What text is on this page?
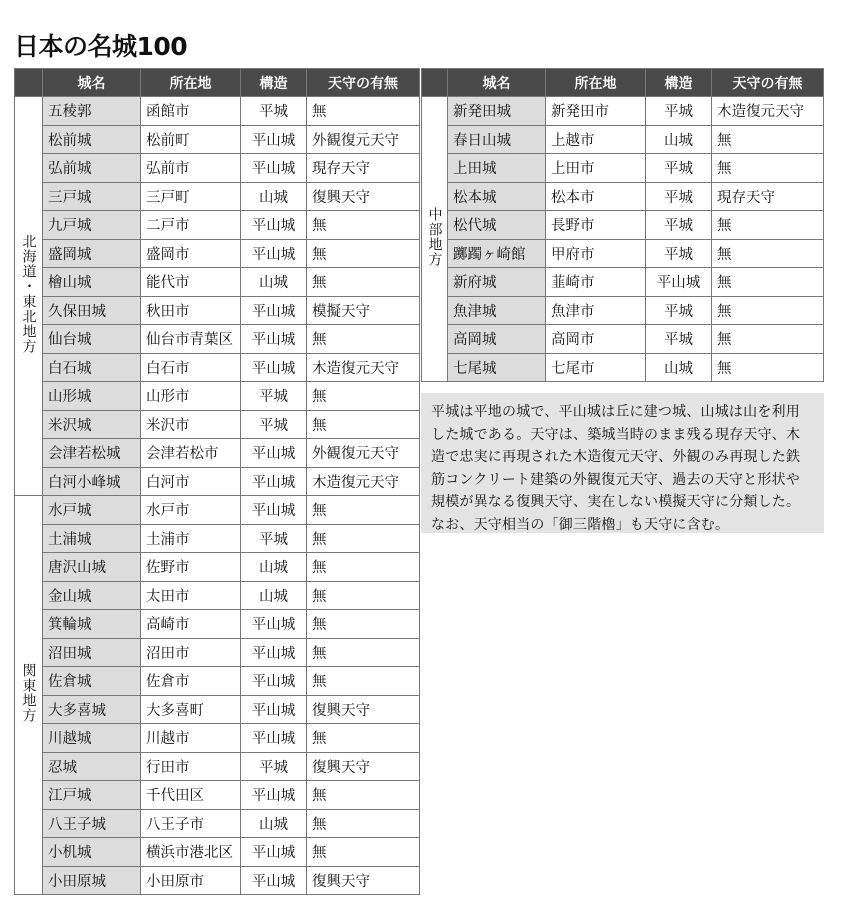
日本の名城100
	城名	所在地	構造	天守の有無
北海道・東北地方	五稜郭	函館市	平城	無
	松前城	松前町	平山城	外観復元天守
	弘前城	弘前市	平山城	現存天守
	三戸城	三戸町	山城	復興天守
	九戸城	二戸市	平山城	無
	盛岡城	盛岡市	平山城	無
	檜山城	能代市	山城	無
	久保田城	秋田市	平山城	模擬天守
	仙台城	仙台市青葉区	平山城	無
	白石城	白石市	平山城	木造復元天守
	山形城	山形市	平城	無
	米沢城	米沢市	平城	無
	会津若松城	会津若松市	平山城	外観復元天守
	白河小峰城	白河市	平山城	木造復元天守
関東地方	水戸城	水戸市	平山城	無
	土浦城	土浦市	平城	無
	唐沢山城	佐野市	山城	無
	金山城	太田市	山城	無
	箕輪城	高崎市	平山城	無
	沼田城	沼田市	平山城	無
	佐倉城	佐倉市	平山城	無
	大多喜城	大多喜町	平山城	復興天守
	川越城	川越市	平山城	無
	忍城	行田市	平城	復興天守
	江戸城	千代田区	平山城	無
	八王子城	八王子市	山城	無
	小机城	横浜市港北区	平山城	無
	小田原城	小田原市	平山城	復興天守
	城名	所在地	構造	天守の有無
中部地方	新発田城	新発田市	平城	木造復元天守
	春日山城	上越市	山城	無
	上田城	上田市	平城	無
	松本城	松本市	平城	現存天守
	松代城	長野市	平城	無
	躑躅ヶ崎館	甲府市	平城	無
	新府城	韮崎市	平山城	無
	魚津城	魚津市	平城	無
	高岡城	高岡市	平城	無
	七尾城	七尾市	山城	無
平城は平地の城で、平山城は丘に建つ城、山城は山を利用した城である。天守は、築城当時のまま残る現存天守、木造で忠実に再現された木造復元天守、外観のみ再現した鉄筋コンクリート建築の外観復元天守、過去の天守と形状や規模が異なる復興天守、実在しない模擬天守に分類した。なお、天守相当の「御三階櫓」も天守に含む。
